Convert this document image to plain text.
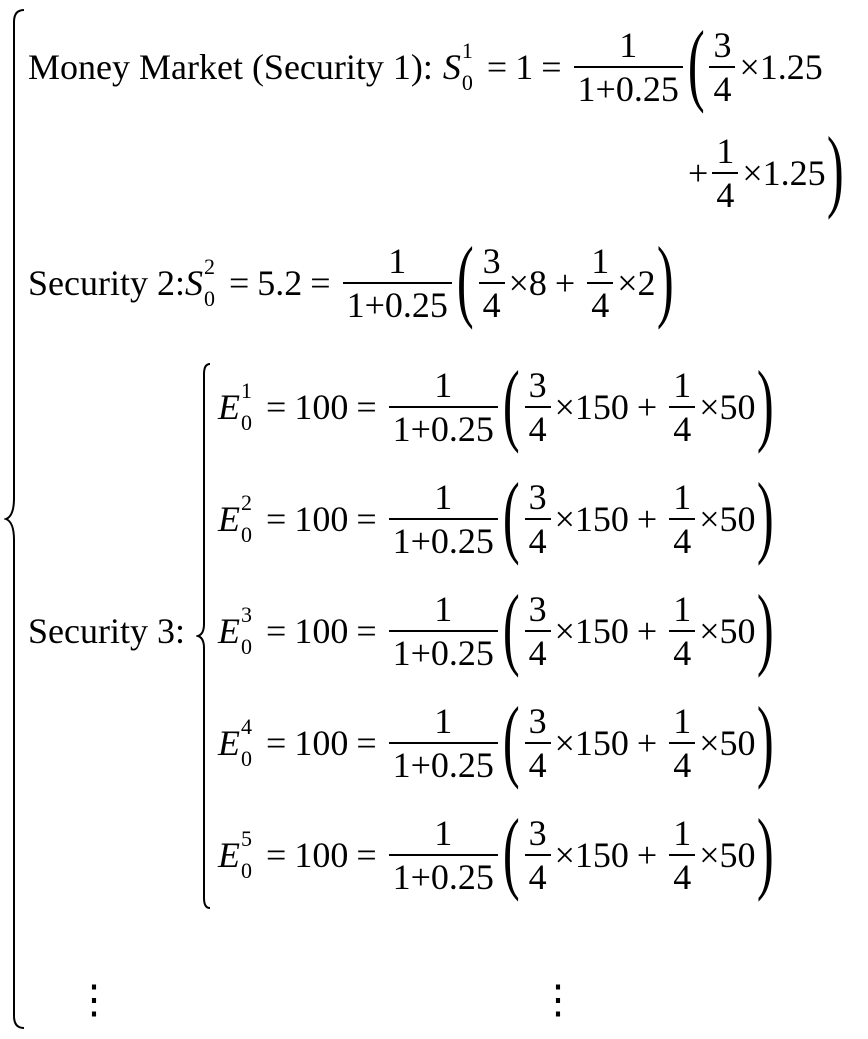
Money Market (Security 1): S 1
$0 = 1 = \frac{1}{1+0.25}$ ( $\frac{3}{4} \times 1.25$
+ $\frac{1}{4} \times 1.25$ )
Security 2: S 2
$0 = 5.2 = \frac{1}{1+0.25}$ ( $\frac{3}{4} \times 8 + \frac{1}{4} \times 2$ )
Security 3:
E 1
$0 = 100 = \frac{1}{1+0.25}$ ( $\frac{3}{4} \times 150 + \frac{1}{4} \times 50$ )
E 2
$0 = 100 = \frac{1}{1+0.25}$ ( $\frac{3}{4} \times 150 + \frac{1}{4} \times 50$ )
E 3
$0 = 100 = \frac{1}{1+0.25}$ ( $\frac{3}{4} \times 150 + \frac{1}{4} \times 50$ )
E 4
$0 = 100 = \frac{1}{1+0.25}$ ( $\frac{3}{4} \times 150 + \frac{1}{4} \times 50$ )
E 5
$0 = 100 = \frac{1}{1+0.25}$ ( $\frac{3}{4} \times 150 + \frac{1}{4} \times 50$ )
⋮	⋮
